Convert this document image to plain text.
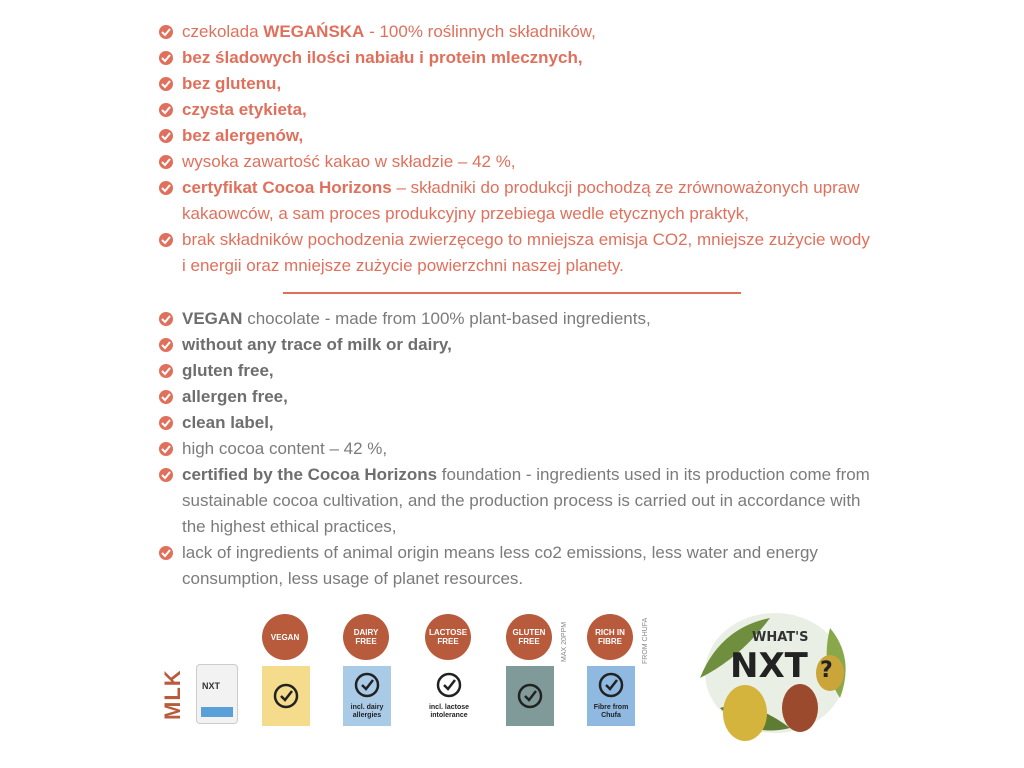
czekolada WEGAŃSKA - 100% roślinnych składników,
bez śladowych ilości nabiału i protein mlecznych,
bez glutenu,
czysta etykieta,
bez alergenów,
wysoka zawartość kakao w składzie – 42 %,
certyfikat Cocoa Horizons – składniki do produkcji pochodzą ze zrównoważonych upraw kakaowców, a sam proces produkcyjny przebiega wedle etycznych praktyk,
brak składników pochodzenia zwierzęcego to mniejsza emisja CO2, mniejsze zużycie wody i energii oraz mniejsze zużycie powierzchni naszej planety.
VEGAN chocolate - made from 100% plant-based ingredients,
without any trace of milk or dairy,
gluten free,
allergen free,
clean label,
high cocoa content – 42 %,
certified by the Cocoa Horizons foundation - ingredients used in its production come from sustainable cocoa cultivation, and the production process is carried out in accordance with the highest ethical practices,
lack of ingredients of animal origin means less co2 emissions, less water and energy consumption, less usage of planet resources.
MLK NXT
VEGAN	DAIRY FREE
incl. dairy allergies
LACTOSE FREE
incl. lactose intolerance
GLUTEN FREE	MAX 20PPM	RICH IN FIBRE
Fibre from Chufa
FROM CHUFA	WHAT'S
NXT ?
